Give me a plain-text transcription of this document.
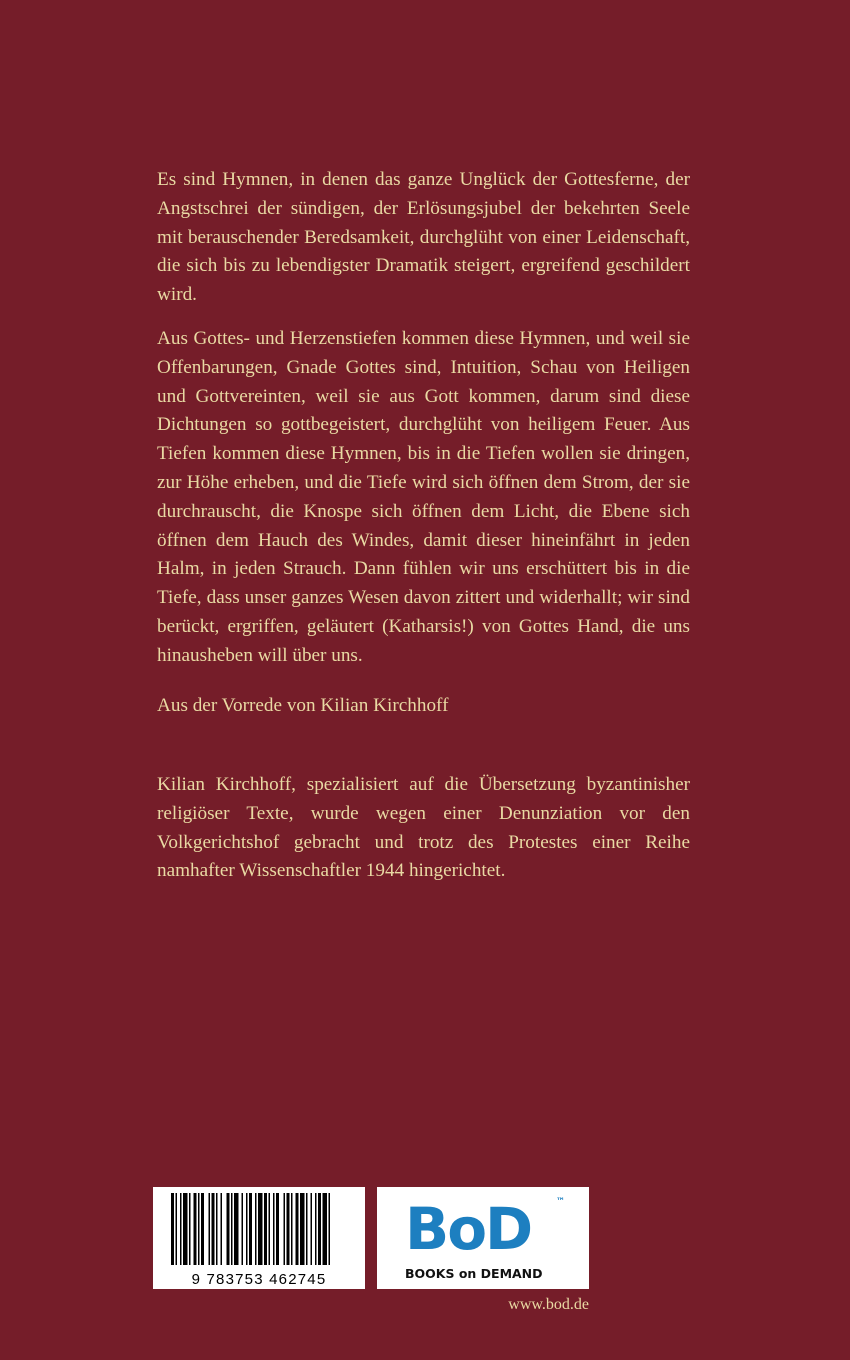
Es sind Hymnen, in denen das ganze Unglück der Gottesferne, der Angstschrei der sündigen, der Erlösungsjubel der bekehrten Seele mit berauschender Beredsamkeit, durchglüht von einer Leidenschaft, die sich bis zu lebendigster Dramatik steigert, ergreifend geschildert wird.

Aus Gottes- und Herzenstiefen kommen diese Hymnen, und weil sie Offenbarungen, Gnade Gottes sind, Intuition, Schau von Heiligen und Gottvereinten, weil sie aus Gott kommen, darum sind diese Dichtungen so gottbegeistert, durchglüht von heiligem Feuer. Aus Tiefen kommen diese Hymnen, bis in die Tiefen wollen sie dringen, zur Höhe erheben, und die Tiefe wird sich öffnen dem Strom, der sie durchrauscht, die Knospe sich öffnen dem Licht, die Ebene sich öffnen dem Hauch des Windes, damit dieser hineinfährt in jeden Halm, in jeden Strauch. Dann fühlen wir uns erschüttert bis in die Tiefe, dass unser ganzes Wesen davon zittert und widerhallt; wir sind berückt, ergriffen, geläutert (Katharsis!) von Gottes Hand, die uns hinausheben will über uns.

Aus der Vorrede von Kilian Kirchhoff

Kilian Kirchhoff, spezialisiert auf die Übersetzung byzantinisher religiöser Texte, wurde wegen einer Denunziation vor den Volkgerichtshof gebracht und trotz des Protestes einer Reihe namhafter Wissenschaftler 1944 hingerichtet.

9 783753 462745
BoD	™
BOOKS on DEMAND
www.bod.de
